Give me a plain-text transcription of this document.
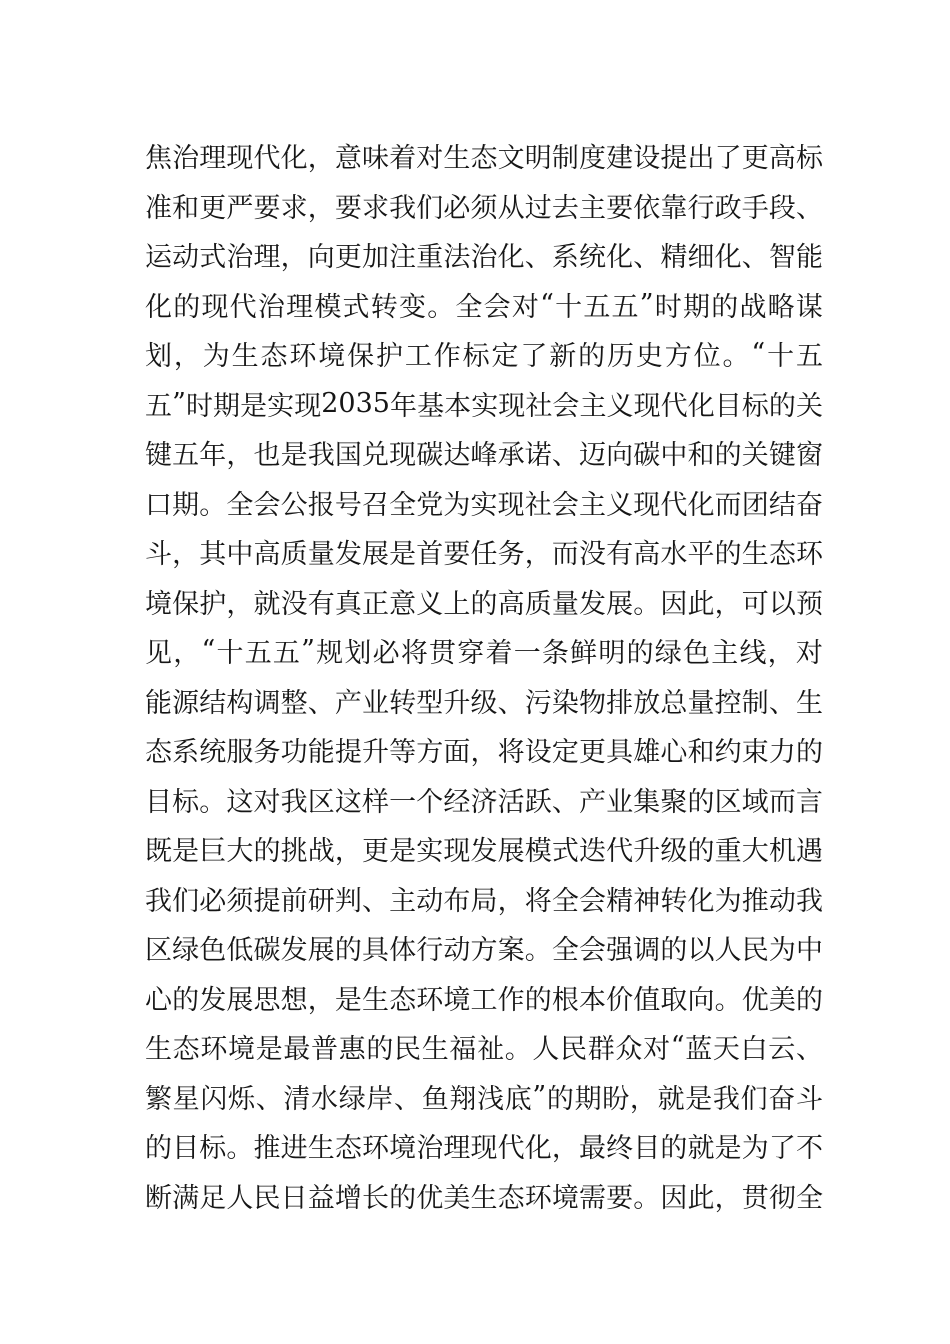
焦 治 理 现 代 化 ， 意 味 着 对 生 态 文 明 制 度 建 设 提 出 了 更 高 标
准 和 更 严 要 求 ， 要 求 我 们 必 须 从 过 去 主 要 依 靠 行 政 手 段 、
运 动 式 治 理 ， 向 更 加 注 重 法 治 化 、 系 统 化 、 精 细 化 、 智 能
化 的 现 代 治 理 模 式 转 变 。 全 会 对 “ 十 五 五 ” 时 期 的 战 略 谋
划 ， 为 生 态 环 境 保 护 工 作 标 定 了 新 的 历 史 方 位 。 “ 十 五
五 ” 时 期 是 实 现 2035 年 基 本 实 现 社 会 主 义 现 代 化 目 标 的 关
键 五 年 ， 也 是 我 国 兑 现 碳 达 峰 承 诺 、 迈 向 碳 中 和 的 关 键 窗
口 期 。 全 会 公 报 号 召 全 党 为 实 现 社 会 主 义 现 代 化 而 团 结 奋
斗 ， 其 中 高 质 量 发 展 是 首 要 任 务 ， 而 没 有 高 水 平 的 生 态 环
境 保 护 ， 就 没 有 真 正 意 义 上 的 高 质 量 发 展 。 因 此 ， 可 以 预
见 ， “ 十 五 五 ” 规 划 必 将 贯 穿 着 一 条 鲜 明 的 绿 色 主 线 ， 对
能 源 结 构 调 整 、 产 业 转 型 升 级 、 污 染 物 排 放 总 量 控 制 、 生
态 系 统 服 务 功 能 提 升 等 方 面 ， 将 设 定 更 具 雄 心 和 约 束 力 的
目 标 。 这 对 我 区 这 样 一 个 经 济 活 跃 、 产 业 集 聚 的 区 域 而 言
既 是 巨 大 的 挑 战 ， 更 是 实 现 发 展 模 式 迭 代 升 级 的 重 大 机 遇
我 们 必 须 提 前 研 判 、 主 动 布 局 ， 将 全 会 精 神 转 化 为 推 动 我
区 绿 色 低 碳 发 展 的 具 体 行 动 方 案 。 全 会 强 调 的 以 人 民 为 中
心 的 发 展 思 想 ， 是 生 态 环 境 工 作 的 根 本 价 值 取 向 。 优 美 的
生 态 环 境 是 最 普 惠 的 民 生 福 祉 。 人 民 群 众 对 “ 蓝 天 白 云 、
繁 星 闪 烁 、 清 水 绿 岸 、 鱼 翔 浅 底 ” 的 期 盼 ， 就 是 我 们 奋 斗
的 目 标 。 推 进 生 态 环 境 治 理 现 代 化 ， 最 终 目 的 就 是 为 了 不
断 满 足 人 民 日 益 增 长 的 优 美 生 态 环 境 需 要 。 因 此 ， 贯 彻 全
